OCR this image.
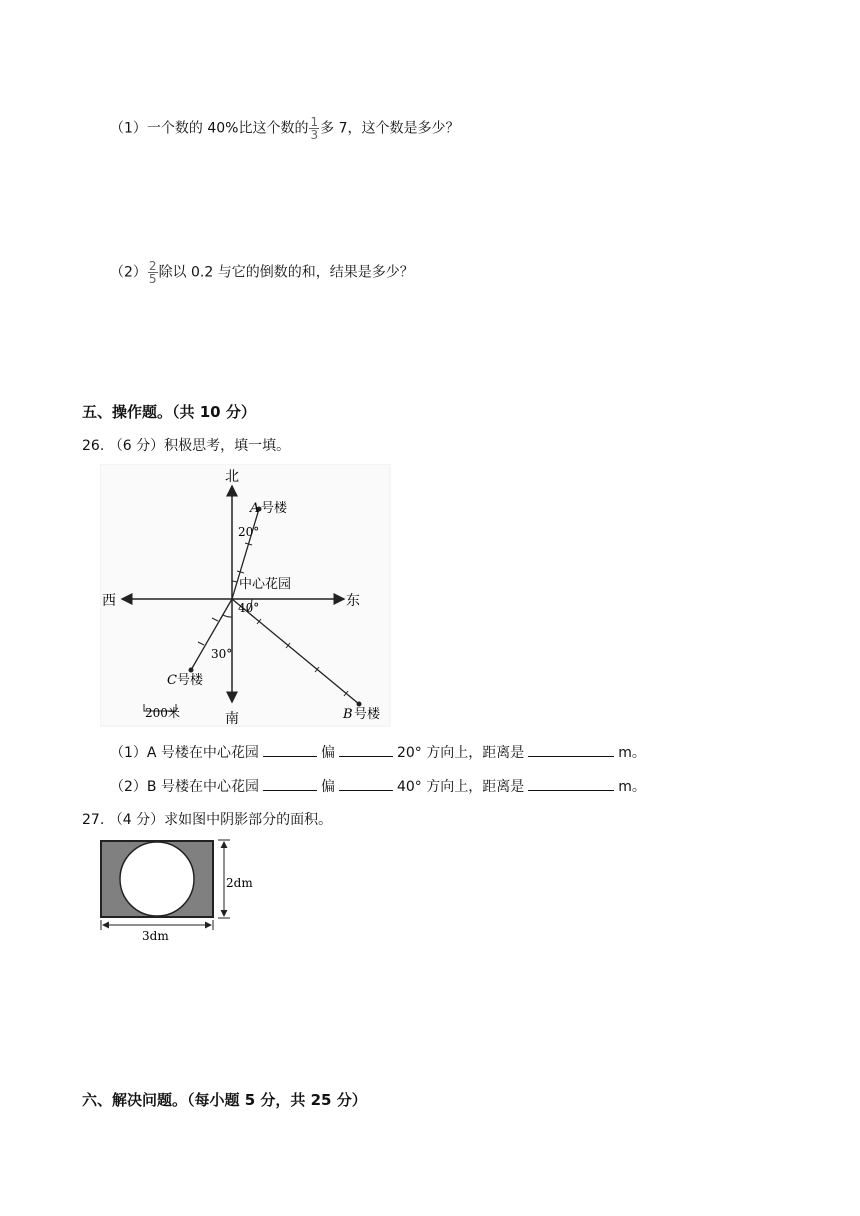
（1）一个数的 40%比这个数的 $\frac{1}{3}$ 多 7，这个数是多少？
$(2) \frac{2}{5}$ 除以 0.2 与它的倒数的和，结果是多少？
五、操作题。（共 10 分）
26. （6 分）积极思考，填一填。
北
南
东
西
中心花园
A 号楼
B 号楼
C 号楼
20°
40°
30°
200米
（1）A 号楼在中心花园	偏	20° 方向上，距离是	m。
（2）B 号楼在中心花园	偏	40° 方向上，距离是	m。
27. （4 分）求如图中阴影部分的面积。
2dm
3dm
六、解决问题。（每小题 5 分，共 25 分）
